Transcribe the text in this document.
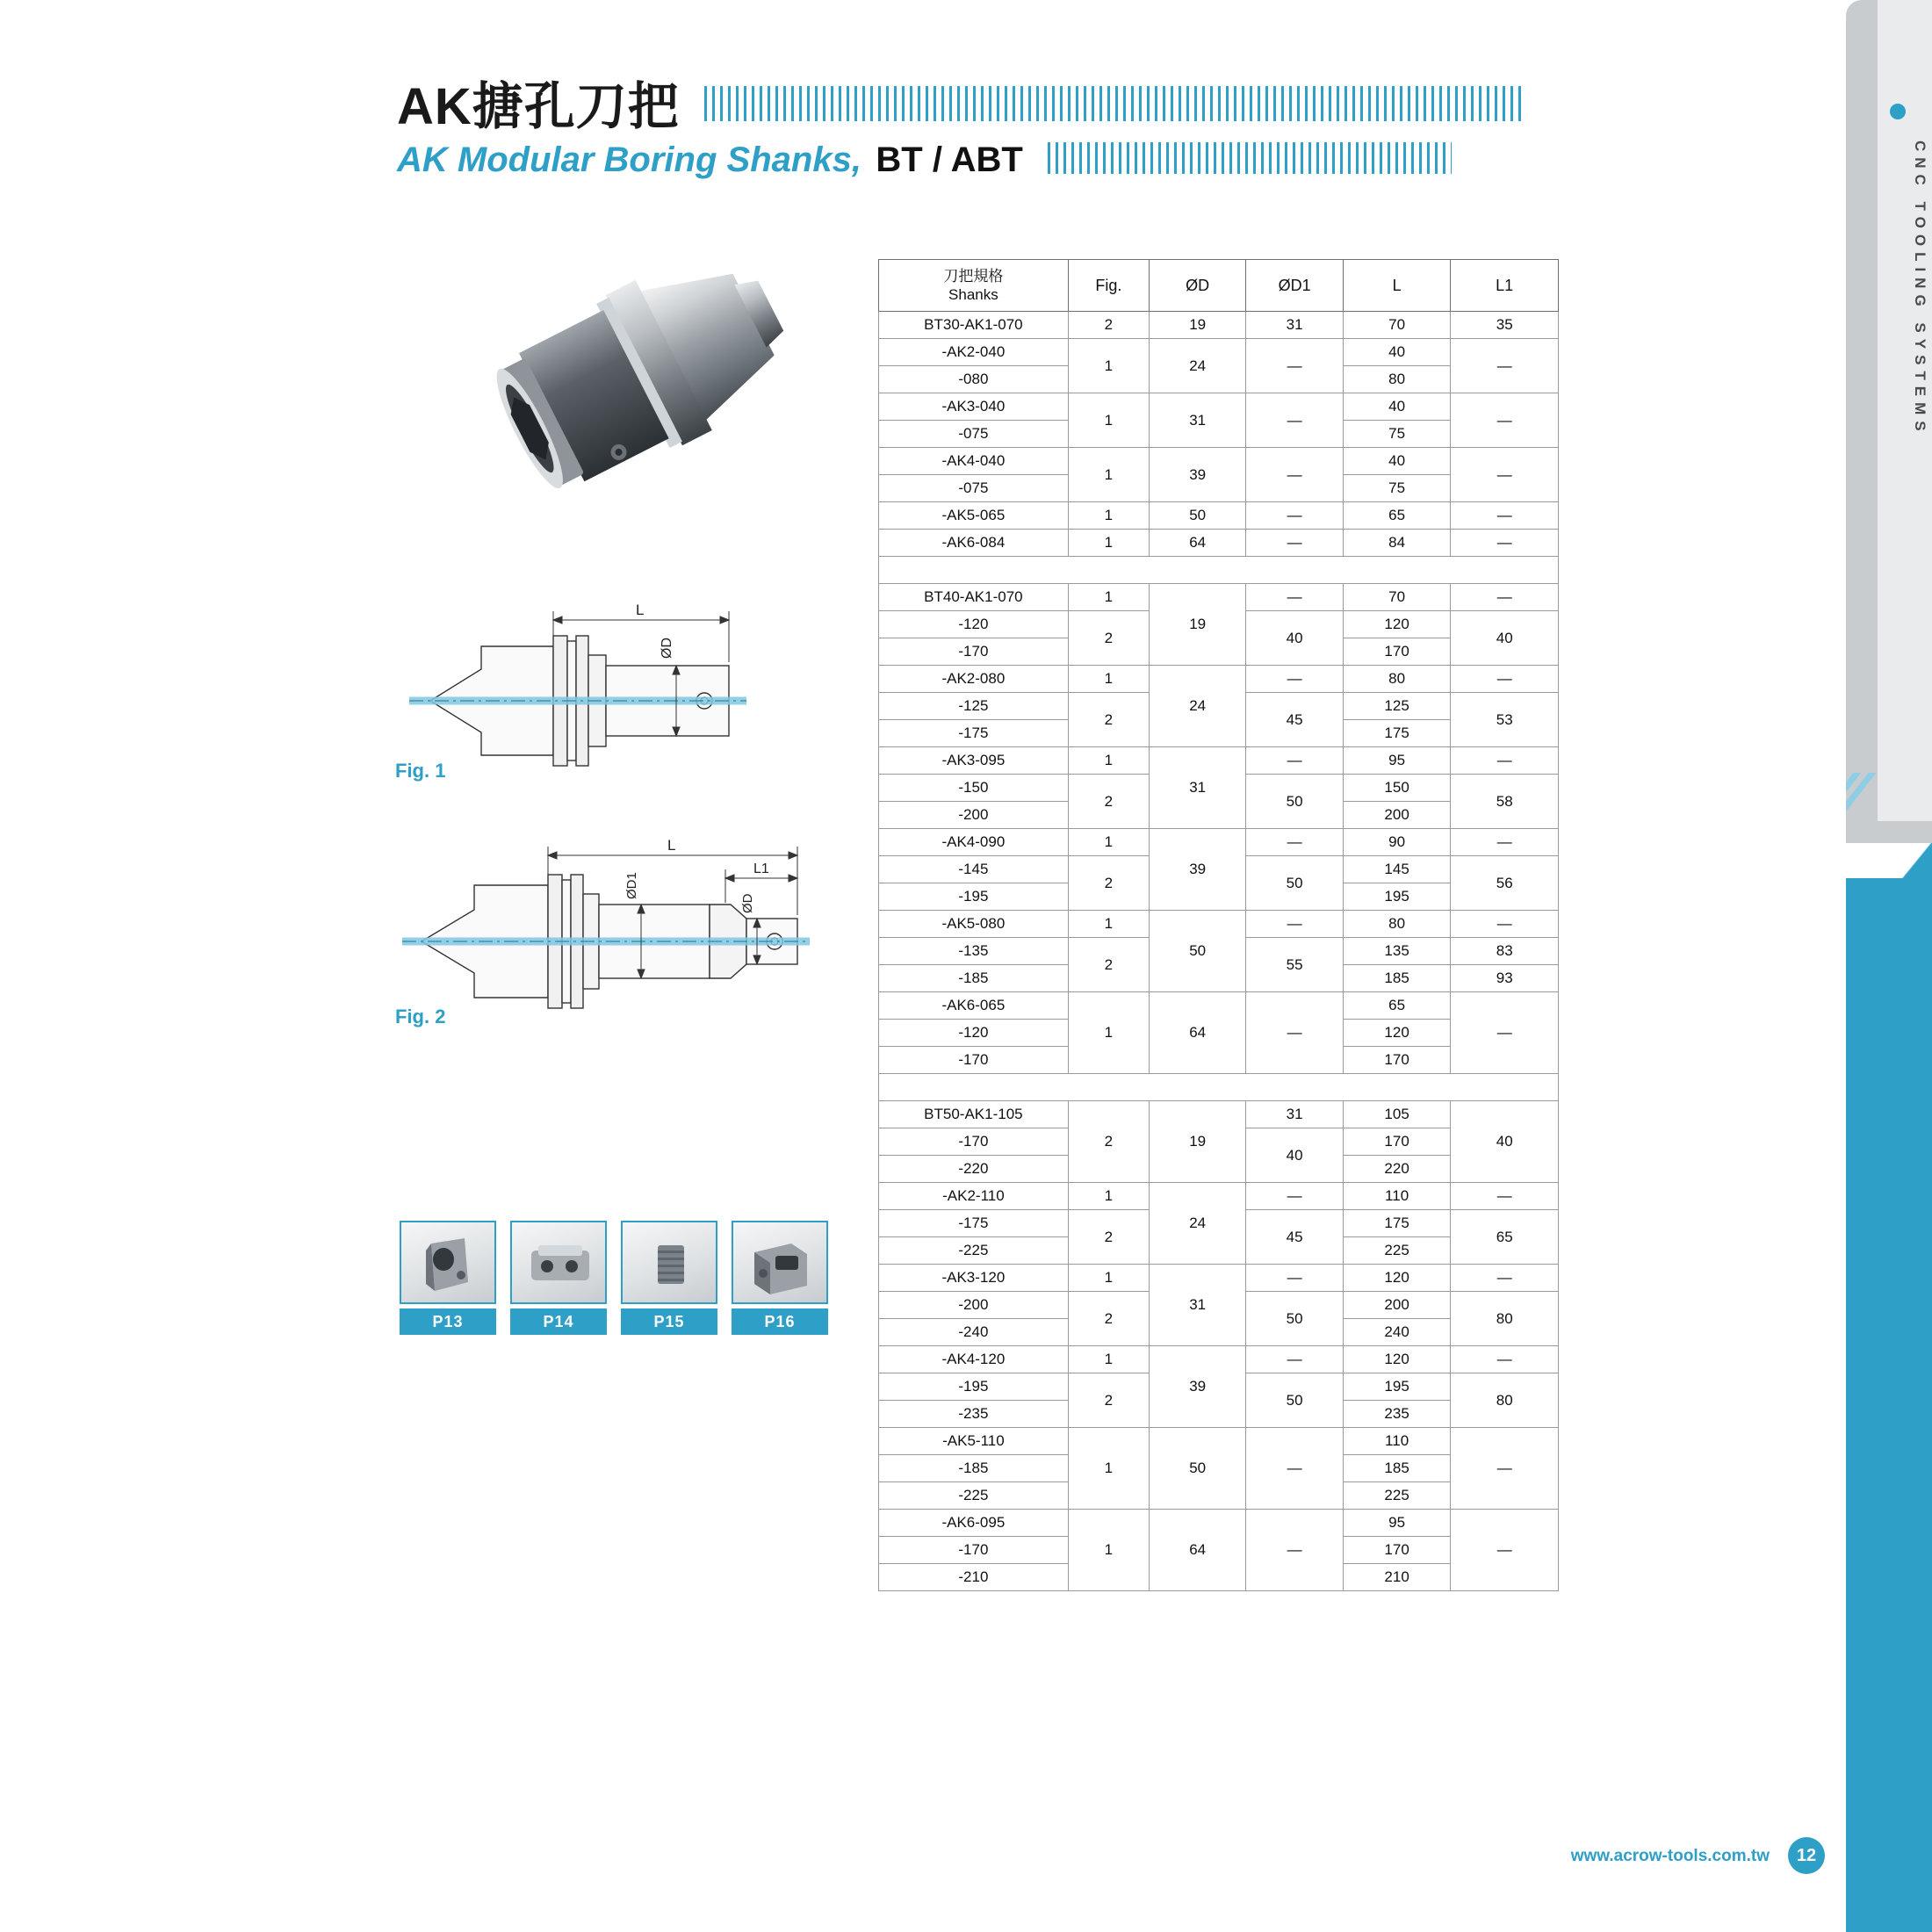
CNC TOOLING SYSTEMS
AK搪孔刀把
AK Modular Boring Shanks, BT / ABT
L
ØD
Fig. 1
L
L1
ØD1
ØD
Fig. 2
P13	P14	P15	P16
刀把規格
Shanks	Fig.	ØD	ØD1	L	L1
BT30-AK1-070	2	19	31	70	35
-AK2-040	1	24	—	40	—
-080				80	
-AK3-040	1	31	—	40	—
-075				75	
-AK4-040	1	39	—	40	—
-075				75	
-AK5-065	1	50	—	65	—
-AK6-084	1	64	—	84	—

BT40-AK1-070	1	19	—	70	—
-120	2		40	120	40
-170				170	
-AK2-080	1	24	—	80	—
-125	2		45	125	53
-175				175	
-AK3-095	1	31	—	95	—
-150	2		50	150	58
-200				200	
-AK4-090	1	39	—	90	—
-145	2		50	145	56
-195				195	
-AK5-080	1	50	—	80	—
-135	2		55	135	83
-185				185	93
-AK6-065	1	64	—	65	—
-120				120	
-170				170	

BT50-AK1-105	2	19	31	105	40
-170			40	170	
-220				220	
-AK2-110	1	24	—	110	—
-175	2		45	175	65
-225				225	
-AK3-120	1	31	—	120	—
-200	2		50	200	80
-240				240	
-AK4-120	1	39	—	120	—
-195	2		50	195	80
-235				235	
-AK5-110	1	50	—	110	—
-185				185	
-225				225	
-AK6-095	1	64	—	95	—
-170				170	
-210				210	
www.acrow-tools.com.tw	12
